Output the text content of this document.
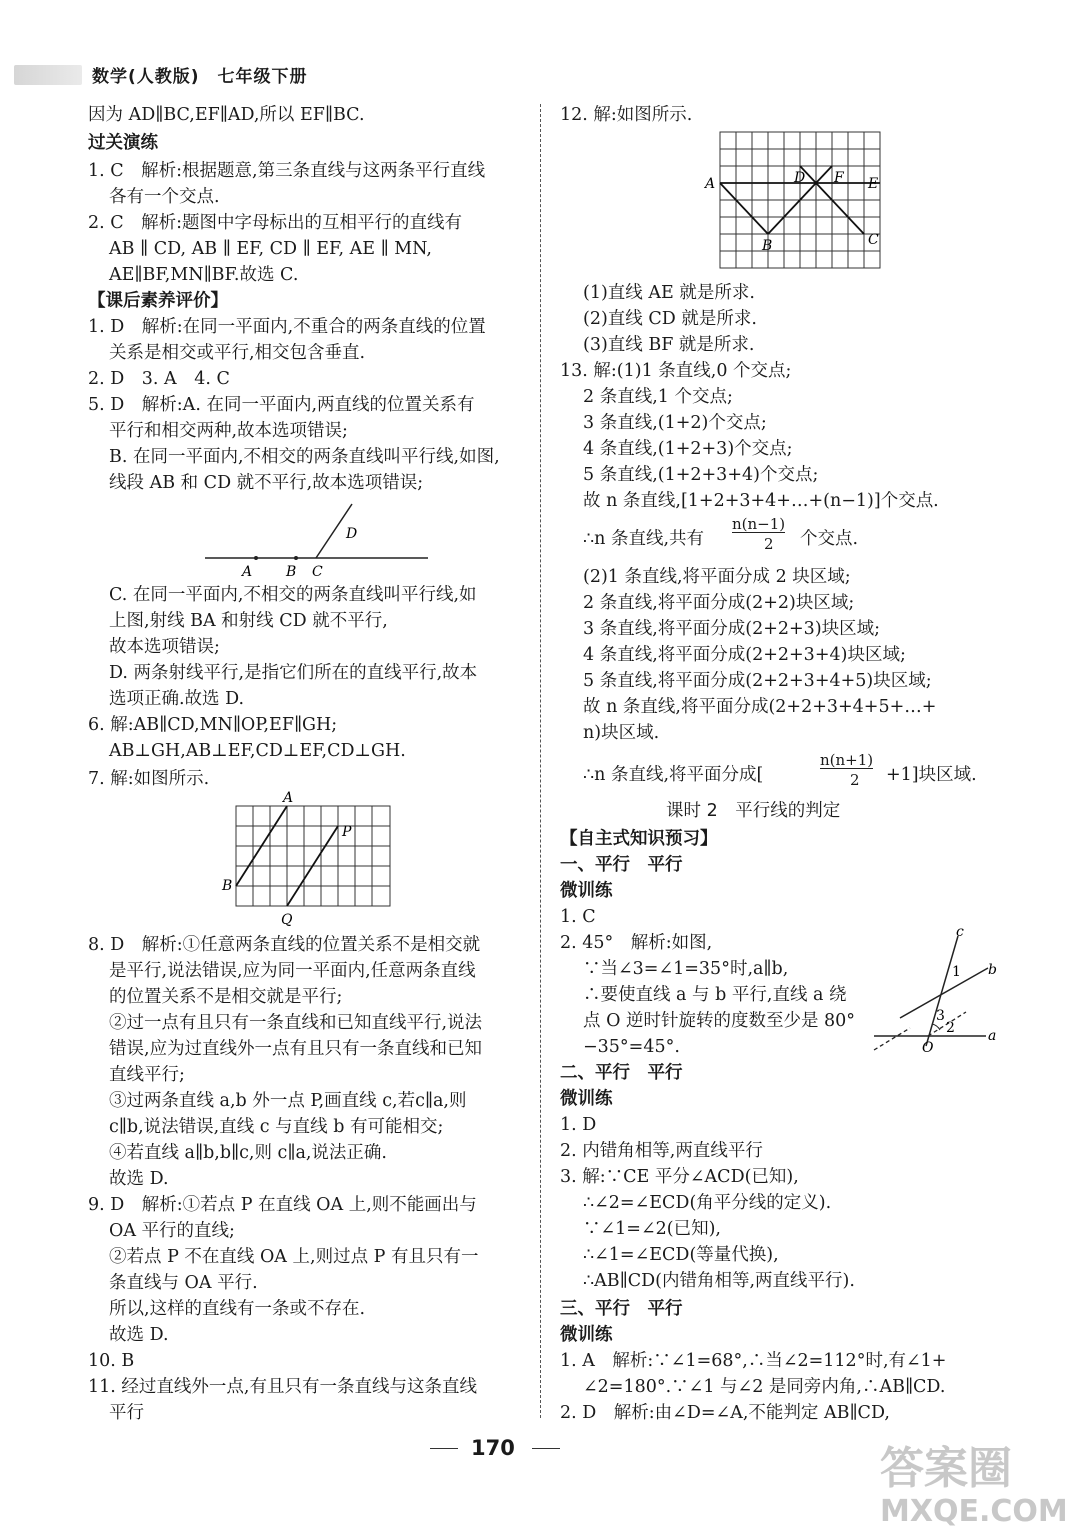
数学(人教版) 七年级下册
因为 AD∥BC,EF∥AD,所以 EF∥BC.
过关演练
1. C　解析:根据题意,第三条直线与这两条平行直线
各有一个交点.
2. C　解析:题图中字母标出的互相平行的直线有
AB ∥ CD, AB ∥ EF, CD ∥ EF, AE ∥ MN,
AE∥BF,MN∥BF.故选 C.
【课后素养评价】
1. D　解析:在同一平面内,不重合的两条直线的位置
关系是相交或平行,相交包含垂直.
2. D　3. A　4. C
5. D　解析:A. 在同一平面内,两直线的位置关系有
平行和相交两种,故本选项错误;
B. 在同一平面内,不相交的两条直线叫平行线,如图,
线段 AB 和 CD 就不平行,故本选项错误;
D
A B C
C. 在同一平面内,不相交的两条直线叫平行线,如
上图,射线 BA 和射线 CD 就不平行,
故本选项错误;
D. 两条射线平行,是指它们所在的直线平行,故本
选项正确.故选 D.
6. 解:AB∥CD,MN∥OP,EF∥GH;
AB⊥GH,AB⊥EF,CD⊥EF,CD⊥GH.
7. 解:如图所示.
A
P
B
Q
8. D　解析:①任意两条直线的位置关系不是相交就
是平行,说法错误,应为同一平面内,任意两条直线
的位置关系不是相交就是平行;
②过一点有且只有一条直线和已知直线平行,说法
错误,应为过直线外一点有且只有一条直线和已知
直线平行;
③过两条直线 a,b 外一点 P,画直线 c,若c∥a,则
c∥b,说法错误,直线 c 与直线 b 有可能相交;
④若直线 a∥b,b∥c,则 c∥a,说法正确.
故选 D.
9. D　解析:①若点 P 在直线 OA 上,则不能画出与
OA 平行的直线;
②若点 P 不在直线 OA 上,则过点 P 有且只有一
条直线与 OA 平行.
所以,这样的直线有一条或不存在.
故选 D.
10. B
11. 经过直线外一点,有且只有一条直线与这条直线
平行
12. 解:如图所示.
A	D F E
B	C
(1)直线 AE 就是所求.
(2)直线 CD 就是所求.
(3)直线 BF 就是所求.
13. 解:(1)1 条直线,0 个交点;
2 条直线,1 个交点;
3 条直线,(1+2)个交点;
4 条直线,(1+2+3)个交点;
5 条直线,(1+2+3+4)个交点;
故 n 条直线,[1+2+3+4+…+(n−1)]个交点.
∴n 条直线,共有
n(n−1)
2 个交点.
(2)1 条直线,将平面分成 2 块区域;
2 条直线,将平面分成(2+2)块区域;
3 条直线,将平面分成(2+2+3)块区域;
4 条直线,将平面分成(2+2+3+4)块区域;
5 条直线,将平面分成(2+2+3+4+5)块区域;
故 n 条直线,将平面分成(2+2+3+4+5+…+
n)块区域.
∴n 条直线,将平面分成[
n(n+1)
2 +1]块区域.
课时 2　平行线的判定
【自主式知识预习】
一、平行　平行
微训练
1. C
2. 45°　解析:如图,
∵当∠3=∠1=35°时,a∥b,
∴要使直线 a 与 b 平行,直线 a 绕
点 O 逆时针旋转的度数至少是 80°
−35°=45°.
c
1 b
3
2
O
a
二、平行　平行
微训练
1. D
2. 内错角相等,两直线平行
3. 解:∵CE 平分∠ACD(已知),
∴∠2=∠ECD(角平分线的定义).
∵∠1=∠2(已知),
∴∠1=∠ECD(等量代换),
∴AB∥CD(内错角相等,两直线平行).
三、平行　平行
微训练
1. A　解析:∵∠1=68°,∴当∠2=112°时,有∠1+
∠2=180°.∵∠1 与∠2 是同旁内角,∴AB∥CD.
2. D　解析:由∠D=∠A,不能判定 AB∥CD,
170	答案圈
MXQE.COM
